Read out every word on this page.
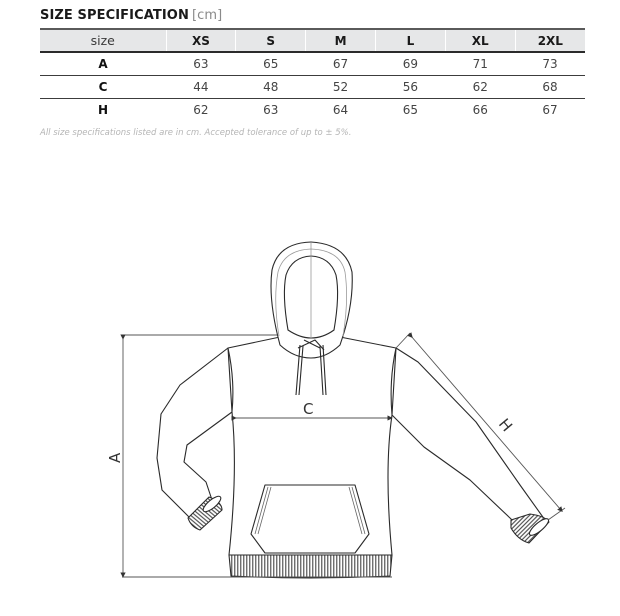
SIZE SPECIFICATION [cm]
size	XS	S	M	L	XL	2XL
A	63	65	67	69	71	73
C	44	48	52	56	62	68
H	62	63	64	65	66	67
All size specifications listed are in cm. Accepted tolerance of up to ± 5%.
A
C
H
